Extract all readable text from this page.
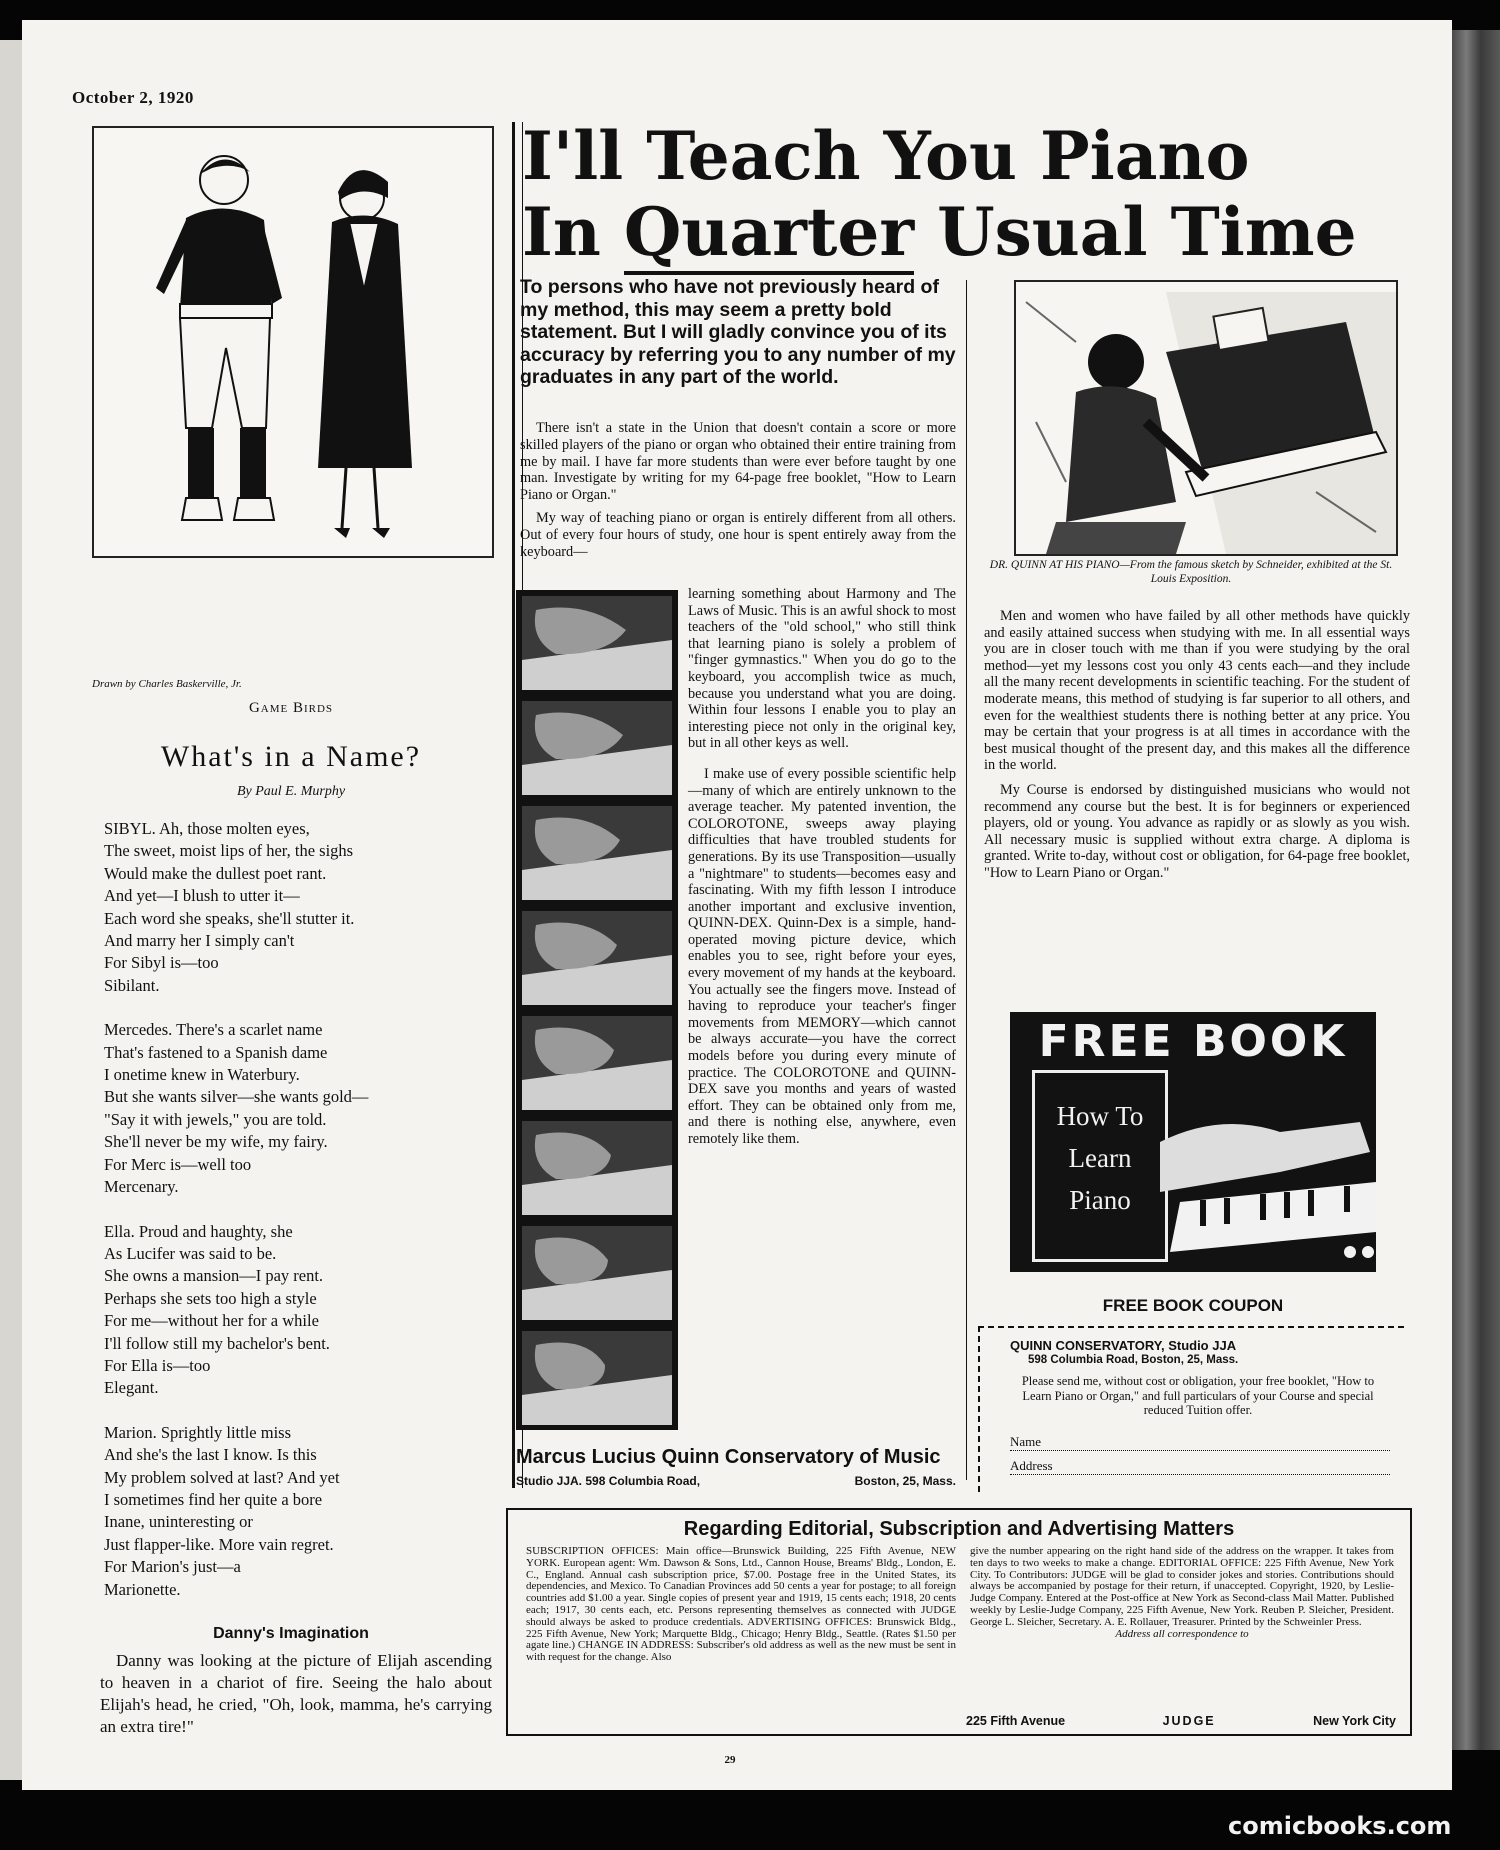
October 2, 1920
Drawn by Charles Baskerville, Jr.
Game Birds
What's in a Name?
By Paul E. Murphy
SIBYL. Ah, those molten eyes,
The sweet, moist lips of her, the sighs
Would make the dullest poet rant.
And yet—I blush to utter it—
Each word she speaks, she'll stutter it.
And marry her I simply can't
For Sibyl is—too
Sibilant.
Mercedes. There's a scarlet name
That's fastened to a Spanish dame
I onetime knew in Waterbury.
But she wants silver—she wants gold—
"Say it with jewels," you are told.
She'll never be my wife, my fairy.
For Merc is—well too
Mercenary.
Ella. Proud and haughty, she
As Lucifer was said to be.
She owns a mansion—I pay rent.
Perhaps she sets too high a style
For me—without her for a while
I'll follow still my bachelor's bent.
For Ella is—too
Elegant.
Marion. Sprightly little miss
And she's the last I know. Is this
My problem solved at last? And yet
I sometimes find her quite a bore
Inane, uninteresting or
Just flapper-like. More vain regret.
For Marion's just—a
Marionette.
Danny's Imagination
Danny was looking at the picture of Elijah ascending to heaven in a chariot of fire. Seeing the halo about Elijah's head, he cried, "Oh, look, mamma, he's carrying an extra tire!"
I'll Teach You Piano
In Quarter Usual Time
To persons who have not previously heard of my method, this may seem a pretty bold statement. But I will gladly convince you of its accuracy by referring you to any number of my graduates in any part of the world.

There isn't a state in the Union that doesn't contain a score or more skilled players of the piano or organ who obtained their entire training from me by mail. I have far more students than were ever before taught by one man. Investigate by writing for my 64-page free booklet, "How to Learn Piano or Organ."

My way of teaching piano or organ is entirely different from all others. Out of every four hours of study, one hour is spent entirely away from the keyboard—

learning something about Harmony and The Laws of Music. This is an awful shock to most teachers of the "old school," who still think that learning piano is solely a problem of "finger gymnastics." When you do go to the keyboard, you accomplish twice as much, because you understand what you are doing. Within four lessons I enable you to play an interesting piece not only in the original key, but in all other keys as well.

I make use of every possible scientific help—many of which are entirely unknown to the average teacher. My patented invention, the COLOROTONE, sweeps away playing difficulties that have troubled students for generations. By its use Transposition—usually a "nightmare" to students—becomes easy and fascinating. With my fifth lesson I introduce another important and exclusive invention, QUINN-DEX. Quinn-Dex is a simple, hand-operated moving picture device, which enables you to see, right before your eyes, every movement of my hands at the keyboard. You actually see the fingers move. Instead of having to reproduce your teacher's finger movements from MEMORY—which cannot be always accurate—you have the correct models before you during every minute of practice. The COLOROTONE and QUINN-DEX save you months and years of wasted effort. They can be obtained only from me, and there is nothing else, anywhere, even remotely like them.

Marcus Lucius Quinn Conservatory of Music
Studio JJA. 598 Columbia Road,	Boston, 25, Mass.
DR. QUINN AT HIS PIANO—From the famous sketch by Schneider, exhibited at the St. Louis Exposition.

Men and women who have failed by all other methods have quickly and easily attained success when studying with me. In all essential ways you are in closer touch with me than if you were studying by the oral method—yet my lessons cost you only 43 cents each—and they include all the many recent developments in scientific teaching. For the student of moderate means, this method of studying is far superior to all others, and even for the wealthiest students there is nothing better at any price. You may be certain that your progress is at all times in accordance with the best musical thought of the present day, and this makes all the difference in the world.

My Course is endorsed by distinguished musicians who would not recommend any course but the best. It is for beginners or experienced players, old or young. You advance as rapidly or as slowly as you wish. All necessary music is supplied without extra charge. A diploma is granted. Write to-day, without cost or obligation, for 64-page free booklet, "How to Learn Piano or Organ."

FREE BOOK
How To
Learn
Piano
FREE BOOK COUPON
QUINN CONSERVATORY, Studio JJA
598 Columbia Road, Boston, 25, Mass.
Please send me, without cost or obligation, your free booklet, "How to Learn Piano or Organ," and full particulars of your Course and special reduced Tuition offer.
Name
Address
Regarding Editorial, Subscription and Advertising Matters

SUBSCRIPTION OFFICES: Main office—Brunswick Building, 225 Fifth Avenue, NEW YORK. European agent: Wm. Dawson & Sons, Ltd., Cannon House, Breams' Bldg., London, E. C., England. Annual cash subscription price, $7.00. Postage free in the United States, its dependencies, and Mexico. To Canadian Provinces add 50 cents a year for postage; to all foreign countries add $1.00 a year. Single copies of present year and 1919, 15 cents each; 1918, 20 cents each; 1917, 30 cents each, etc. Persons representing themselves as connected with JUDGE should always be asked to produce credentials. ADVERTISING OFFICES: Brunswick Bldg., 225 Fifth Avenue, New York; Marquette Bldg., Chicago; Henry Bldg., Seattle. (Rates $1.50 per agate line.) CHANGE IN ADDRESS: Subscriber's old address as well as the new must be sent in with request for the change. Also

give the number appearing on the right hand side of the address on the wrapper. It takes from ten days to two weeks to make a change. EDITORIAL OFFICE: 225 Fifth Avenue, New York City. To Contributors: JUDGE will be glad to consider jokes and stories. Contributions should always be accompanied by postage for their return, if unaccepted. Copyright, 1920, by Leslie-Judge Company. Entered at the Post-office at New York as Second-class Mail Matter. Published weekly by Leslie-Judge Company, 225 Fifth Avenue, New York. Reuben P. Sleicher, President. George L. Sleicher, Secretary. A. E. Rollauer, Treasurer. Printed by the Schweinler Press.

Address all correspondence to

225 Fifth Avenue	JUDGE	New York City
29
comicbooks.com
